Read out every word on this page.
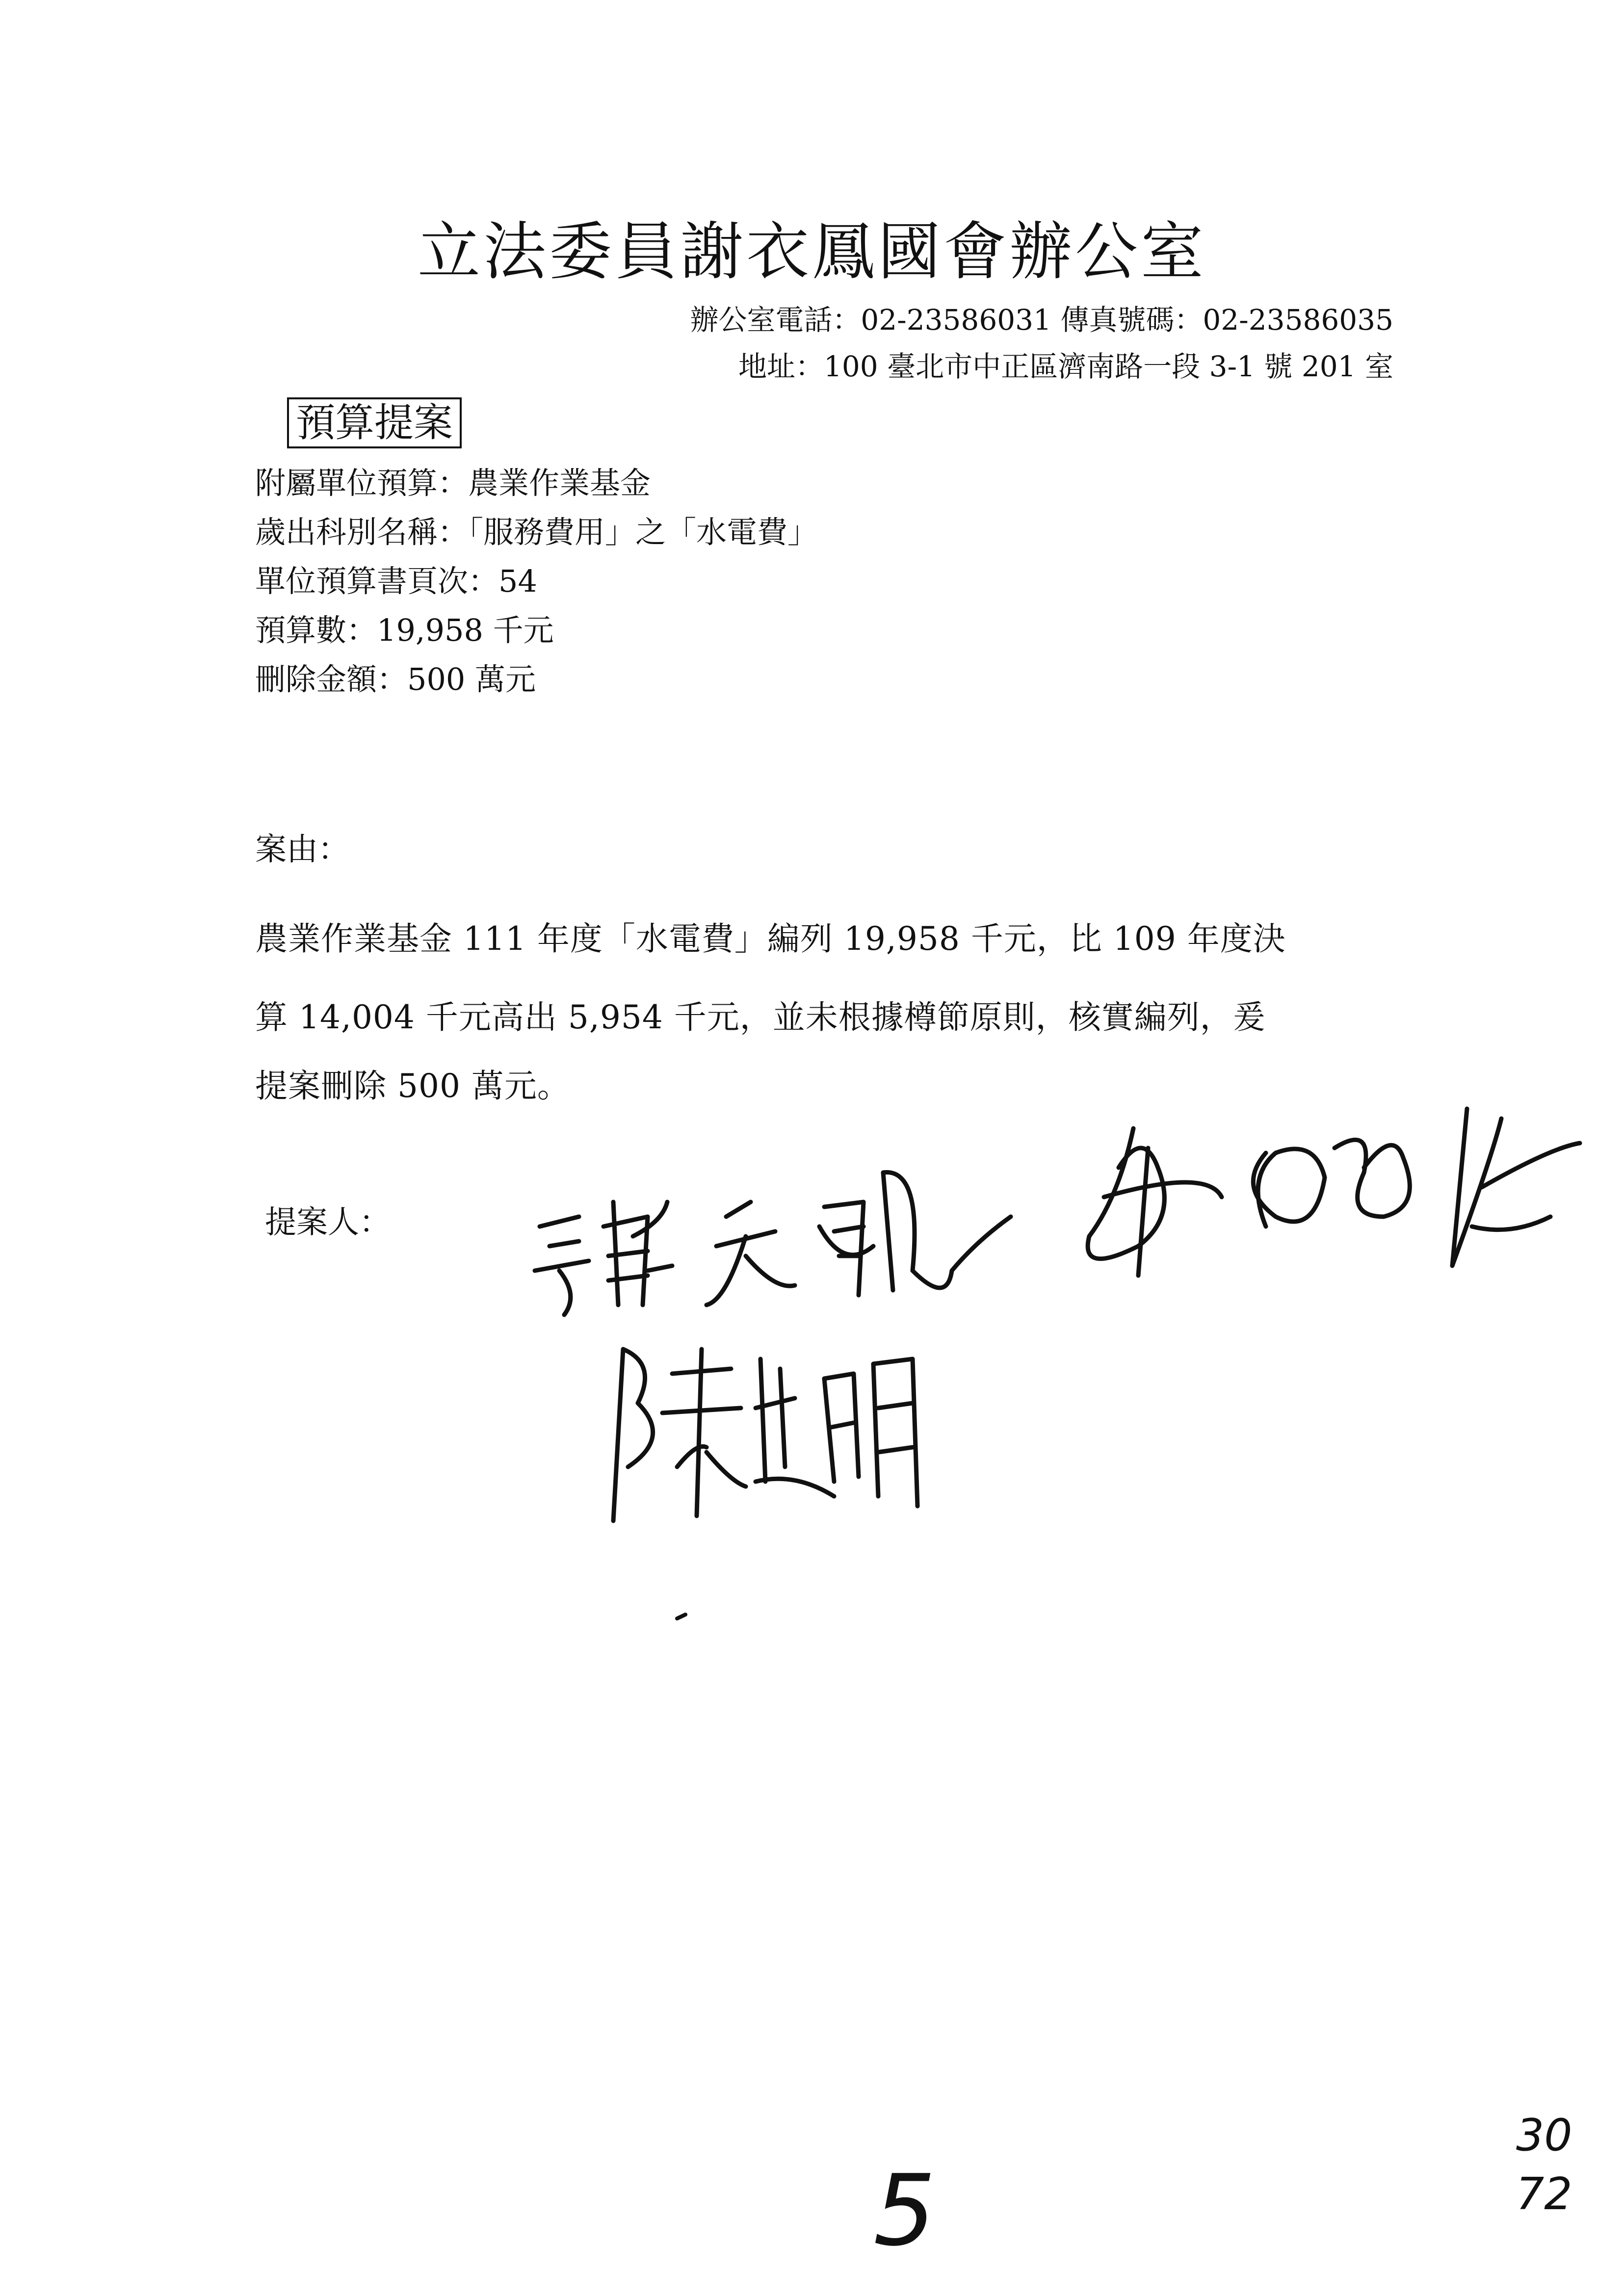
立法委員謝衣鳳國會辦公室
辦公室電話：02-23586031 傳真號碼：02-23586035
地址：100 臺北市中正區濟南路一段 3-1 號 201 室
預算提案
附屬單位預算：農業作業基金
歲出科別名稱：「服務費用」之「水電費」
單位預算書頁次：54
預算數：19,958 千元
刪除金額：500 萬元
案由：
農業作業基金 111 年度「水電費」編列 19,958 千元，比 109 年度決
算 14,004 千元高出 5,954 千元，並未根據樽節原則，核實編列，爰
提案刪除 500 萬元。
提案人：
5
30
72
